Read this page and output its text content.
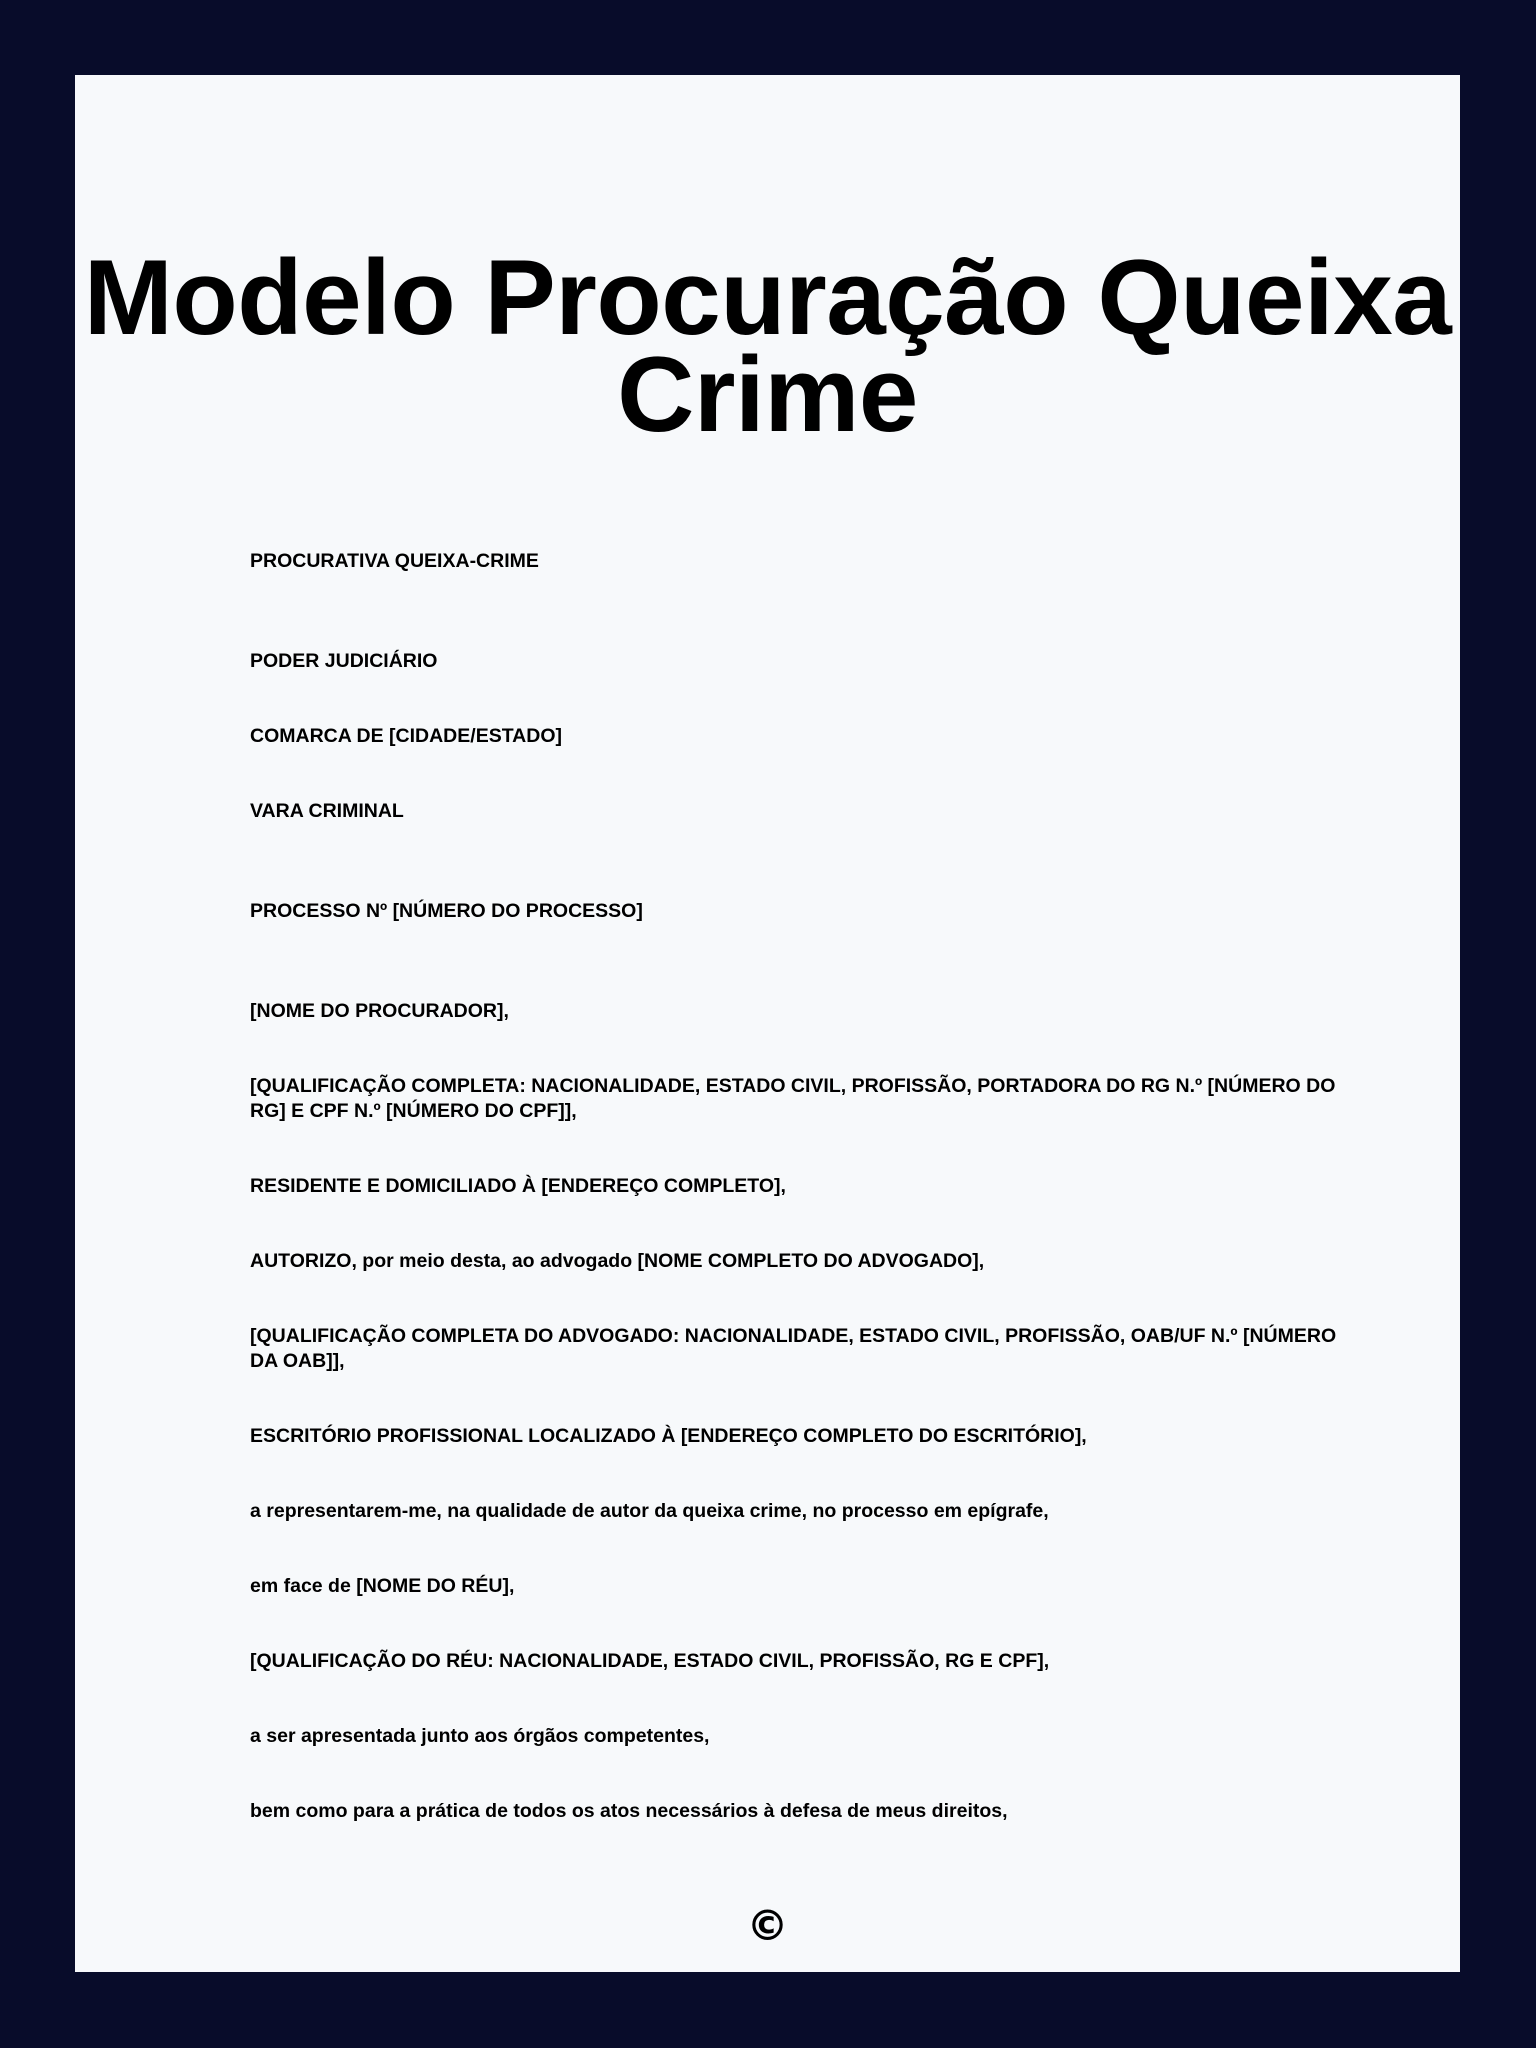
Modelo Procuração Queixa Crime

PROCURATIVA QUEIXA-CRIME

PODER JUDICIÁRIO

COMARCA DE [CIDADE/ESTADO]

VARA CRIMINAL

PROCESSO Nº [NÚMERO DO PROCESSO]

[NOME DO PROCURADOR],

[QUALIFICAÇÃO COMPLETA: NACIONALIDADE, ESTADO CIVIL, PROFISSÃO, PORTADORA DO RG N.º [NÚMERO DO RG] E CPF N.º [NÚMERO DO CPF]],

RESIDENTE E DOMICILIADO À [ENDEREÇO COMPLETO],

AUTORIZO, por meio desta, ao advogado [NOME COMPLETO DO ADVOGADO],

[QUALIFICAÇÃO COMPLETA DO ADVOGADO: NACIONALIDADE, ESTADO CIVIL, PROFISSÃO, OAB/UF N.º [NÚMERO DA OAB]],

ESCRITÓRIO PROFISSIONAL LOCALIZADO À [ENDEREÇO COMPLETO DO ESCRITÓRIO],

a representarem-me, na qualidade de autor da queixa crime, no processo em epígrafe,

em face de [NOME DO RÉU],

[QUALIFICAÇÃO DO RÉU: NACIONALIDADE, ESTADO CIVIL, PROFISSÃO, RG E CPF],

a ser apresentada junto aos órgãos competentes,

bem como para a prática de todos os atos necessários à defesa de meus direitos,

©
